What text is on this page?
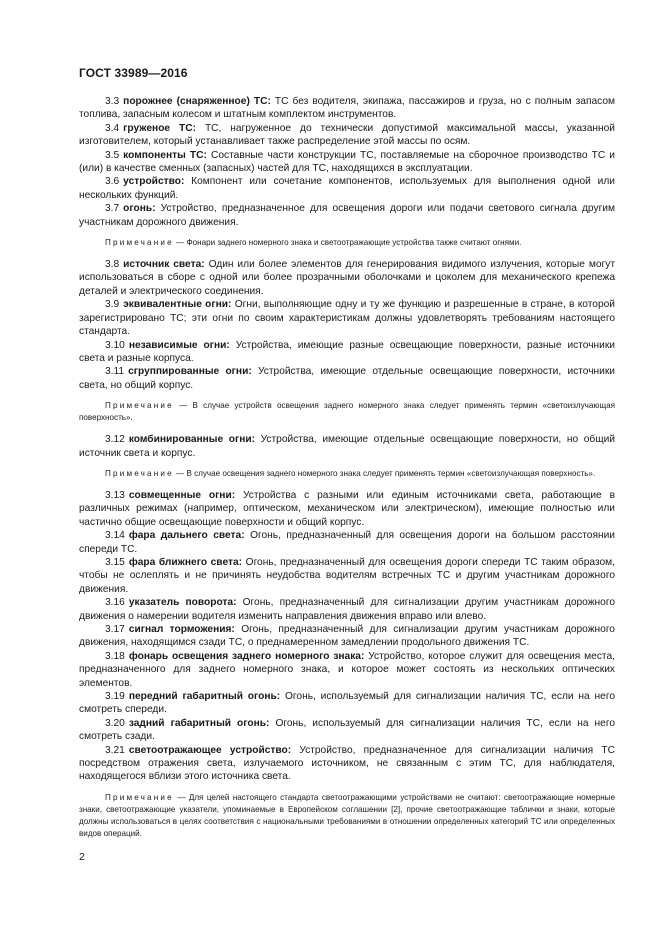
ГОСТ 33989—2016

3.3 порожнее (снаряженное) ТС: ТС без водителя, экипажа, пассажиров и груза, но с полным запасом топлива, запасным колесом и штатным комплектом инструментов.

3.4 груженое ТС: ТС, нагруженное до технически допустимой максимальной массы, указанной изготовителем, который устанавливает также распределение этой массы по осям.

3.5 компоненты ТС: Составные части конструкции ТС, поставляемые на сборочное производство ТС и (или) в качестве сменных (запасных) частей для ТС, находящихся в эксплуатации.

3.6 устройство: Компонент или сочетание компонентов, используемых для выполнения одной или нескольких функций.

3.7 огонь: Устройство, предназначенное для освещения дороги или подачи светового сигнала другим участникам дорожного движения.

Примечание — Фонари заднего номерного знака и светоотражающие устройства также считают огнями.

3.8 источник света: Один или более элементов для генерирования видимого излучения, которые могут использоваться в сборе с одной или более прозрачными оболочками и цоколем для механического крепежа деталей и электрического соединения.

3.9 эквивалентные огни: Огни, выполняющие одну и ту же функцию и разрешенные в стране, в которой зарегистрировано ТС; эти огни по своим характеристикам должны удовлетворять требованиям настоящего стандарта.

3.10 независимые огни: Устройства, имеющие разные освещающие поверхности, разные источники света и разные корпуса.

3.11 сгруппированные огни: Устройства, имеющие отдельные освещающие поверхности, источники света, но общий корпус.

Примечание — В случае устройств освещения заднего номерного знака следует применять термин «светоизлучающая поверхность».

3.12 комбинированные огни: Устройства, имеющие отдельные освещающие поверхности, но общий источник света и корпус.

Примечание — В случае освещения заднего номерного знака следует применять термин «светоизлучающая поверхность».

3.13 совмещенные огни: Устройства с разными или единым источниками света, работающие в различных режимах (например, оптическом, механическом или электрическом), имеющие полностью или частично общие освещающие поверхности и общий корпус.

3.14 фара дальнего света: Огонь, предназначенный для освещения дороги на большом расстоянии спереди ТС.

3.15 фара ближнего света: Огонь, предназначенный для освещения дороги спереди ТС таким образом, чтобы не ослеплять и не причинять неудобства водителям встречных ТС и другим участникам дорожного движения.

3.16 указатель поворота: Огонь, предназначенный для сигнализации другим участникам дорожного движения о намерении водителя изменить направления движения вправо или влево.

3.17 сигнал торможения: Огонь, предназначенный для сигнализации другим участникам дорожного движения, находящимся сзади ТС, о преднамеренном замедлении продольного движения ТС.

3.18 фонарь освещения заднего номерного знака: Устройство, которое служит для освещения места, предназначенного для заднего номерного знака, и которое может состоять из нескольких оптических элементов.

3.19 передний габаритный огонь: Огонь, используемый для сигнализации наличия ТС, если на него смотреть спереди.

3.20 задний габаритный огонь: Огонь, используемый для сигнализации наличия ТС, если на него смотреть сзади.

3.21 светоотражающее устройство: Устройство, предназначенное для сигнализации наличия ТС посредством отражения света, излучаемого источником, не связанным с этим ТС, для наблюдателя, находящегося вблизи этого источника света.

Примечание — Для целей настоящего стандарта светоотражающими устройствами не считают: светоотражающие номерные знаки, светоотражающие указатели, упоминаемые в Европейском соглашении [2], прочие светоотражающие таблички и знаки, которые должны использоваться в целях соответствия с национальными требованиями в отношении определенных категорий ТС или определенных видов операций.

2
